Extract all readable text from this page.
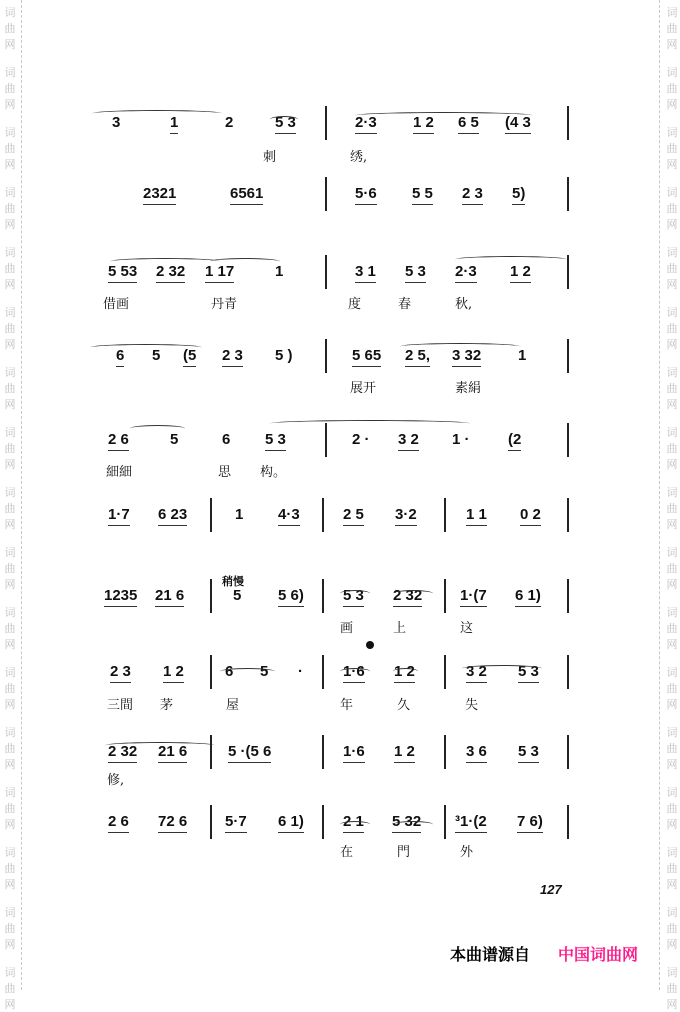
词
曲
网
词
曲
网
词
曲
网
词
曲
网
词
曲
网
词
曲
网
词
曲
网
词
曲
网
词
曲
网
词
曲
网
词
曲
网
词
曲
网
词
曲
网
词
曲
网
词
曲
网
词
曲
网
词
曲
网
词
曲
网
词
曲
网
词
曲
网
词
曲
网
词
曲
网
词
曲
网
词
曲
网
词
曲
网
词
曲
网
词
曲
网
词
曲
网
词
曲
网
词
曲
网
词
曲
网
词
曲
网
词
曲
网
词
曲
网
3	1	2	5 3	2·3 1 2 6 5 (4 3
刺	绣,
2321	6561	5·6 5 5 2 3 5)
5 53 2 32 1 17	1	3 1 5 3 2·3 1 2
借画	丹青	度	春	秋,
6 5 (5 2 3 5 )	5 65 2 5, 3 32 1
展开	素絹
2 6	5	6 5 3	2 · 3 2 1 ·	(2
細細	思 构。
1·7 6 23	1 4·3	2 5 3·2	1 1 0 2
1235 21 6	5 5 6)	5 3 2 32	1·(7 6 1)
画	上	这
2 3 1 2	6 5 ·	1·6 1 2	3 2 5 3
三間 茅	屋	年	久	失
2 32 21 6	5 ·(5 6	1·6 1 2	3 6 5 3
修,
2 6 72 6	5·7 6 1)	2 1 5 32 ³1·(2 7 6)
在	門	外
稍慢
127
本曲谱源自 中国词曲网
